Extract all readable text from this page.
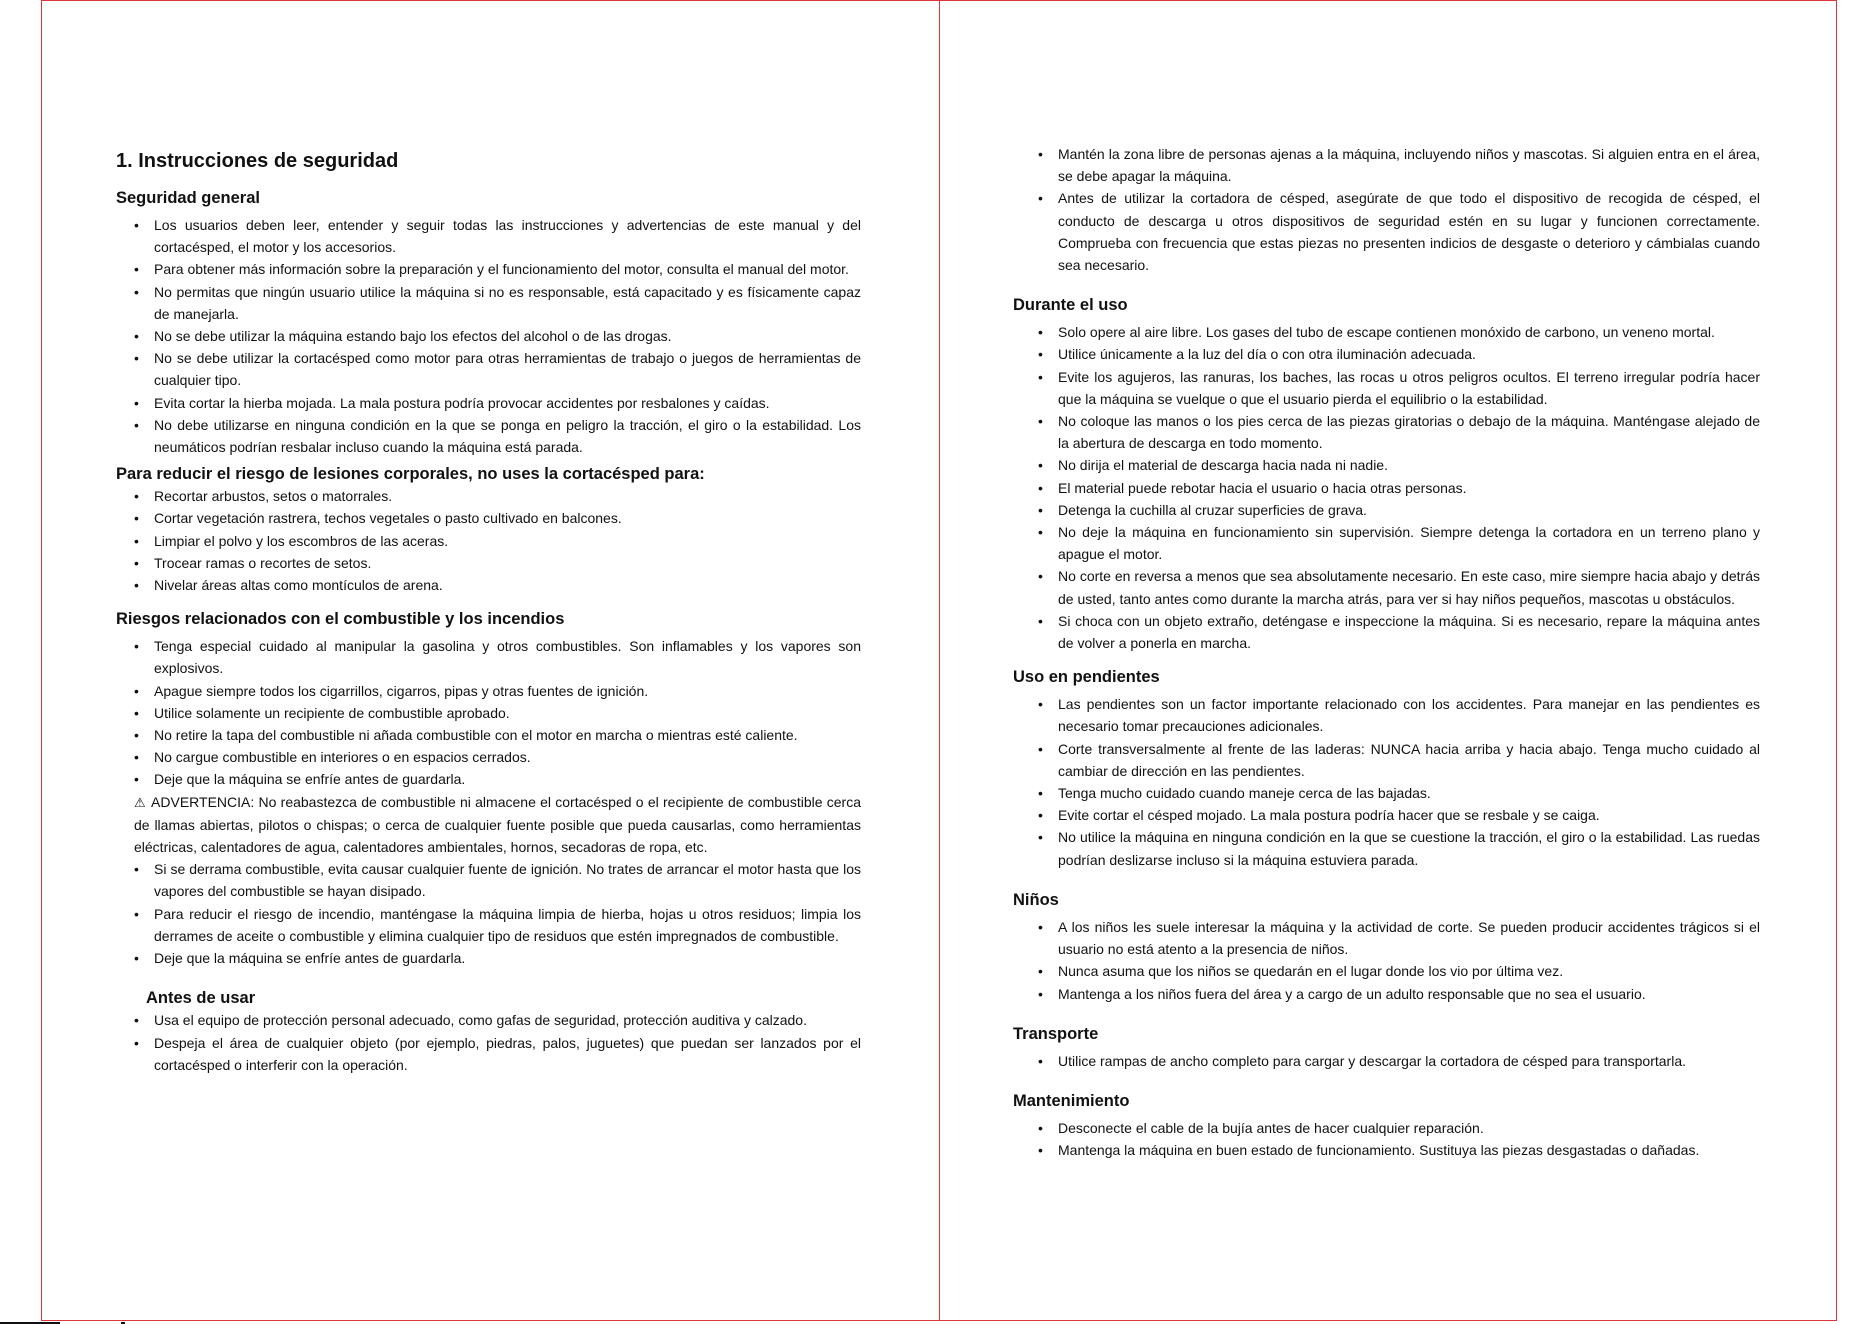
1. Instrucciones de seguridad
Seguridad general
• Los usuarios deben leer, entender y seguir todas las instrucciones y advertencias de este manual y del cortacésped, el motor y los accesorios.
• Para obtener más información sobre la preparación y el funcionamiento del motor, consulta el manual del motor.
• No permitas que ningún usuario utilice la máquina si no es responsable, está capacitado y es físicamente capaz de manejarla.
• No se debe utilizar la máquina estando bajo los efectos del alcohol o de las drogas.
• No se debe utilizar la cortacésped como motor para otras herramientas de trabajo o juegos de herramientas de cualquier tipo.
• Evita cortar la hierba mojada. La mala postura podría provocar accidentes por resbalones y caídas.
• No debe utilizarse en ninguna condición en la que se ponga en peligro la tracción, el giro o la estabilidad. Los neumáticos podrían resbalar incluso cuando la máquina está parada.
Para reducir el riesgo de lesiones corporales, no uses la cortacésped para:
• Recortar arbustos, setos o matorrales.
• Cortar vegetación rastrera, techos vegetales o pasto cultivado en balcones.
• Limpiar el polvo y los escombros de las aceras.
• Trocear ramas o recortes de setos.
• Nivelar áreas altas como montículos de arena.
Riesgos relacionados con el combustible y los incendios
• Tenga especial cuidado al manipular la gasolina y otros combustibles. Son inflamables y los vapores son explosivos.
• Apague siempre todos los cigarrillos, cigarros, pipas y otras fuentes de ignición.
• Utilice solamente un recipiente de combustible aprobado.
• No retire la tapa del combustible ni añada combustible con el motor en marcha o mientras esté caliente.
• No cargue combustible en interiores o en espacios cerrados.
• Deje que la máquina se enfríe antes de guardarla.
⚠ ADVERTENCIA: No reabastezca de combustible ni almacene el cortacésped o el recipiente de combustible cerca de llamas abiertas, pilotos o chispas; o cerca de cualquier fuente posible que pueda causarlas, como herramientas eléctricas, calentadores de agua, calentadores ambientales, hornos, secadoras de ropa, etc.
• Si se derrama combustible, evita causar cualquier fuente de ignición. No trates de arrancar el motor hasta que los vapores del combustible se hayan disipado.
• Para reducir el riesgo de incendio, manténgase la máquina limpia de hierba, hojas u otros residuos; limpia los derrames de aceite o combustible y elimina cualquier tipo de residuos que estén impregnados de combustible.
• Deje que la máquina se enfríe antes de guardarla.
Antes de usar
• Usa el equipo de protección personal adecuado, como gafas de seguridad, protección auditiva y calzado.
• Despeja el área de cualquier objeto (por ejemplo, piedras, palos, juguetes) que puedan ser lanzados por el cortacésped o interferir con la operación.
• Mantén la zona libre de personas ajenas a la máquina, incluyendo niños y mascotas. Si alguien entra en el área, se debe apagar la máquina.
• Antes de utilizar la cortadora de césped, asegúrate de que todo el dispositivo de recogida de césped, el conducto de descarga u otros dispositivos de seguridad estén en su lugar y funcionen correctamente. Comprueba con frecuencia que estas piezas no presenten indicios de desgaste o deterioro y cámbialas cuando sea necesario.
Durante el uso
• Solo opere al aire libre. Los gases del tubo de escape contienen monóxido de carbono, un veneno mortal.
• Utilice únicamente a la luz del día o con otra iluminación adecuada.
• Evite los agujeros, las ranuras, los baches, las rocas u otros peligros ocultos. El terreno irregular podría hacer que la máquina se vuelque o que el usuario pierda el equilibrio o la estabilidad.
• No coloque las manos o los pies cerca de las piezas giratorias o debajo de la máquina. Manténgase alejado de la abertura de descarga en todo momento.
• No dirija el material de descarga hacia nada ni nadie.
• El material puede rebotar hacia el usuario o hacia otras personas.
• Detenga la cuchilla al cruzar superficies de grava.
• No deje la máquina en funcionamiento sin supervisión. Siempre detenga la cortadora en un terreno plano y apague el motor.
• No corte en reversa a menos que sea absolutamente necesario. En este caso, mire siempre hacia abajo y detrás de usted, tanto antes como durante la marcha atrás, para ver si hay niños pequeños, mascotas u obstáculos.
• Si choca con un objeto extraño, deténgase e inspeccione la máquina. Si es necesario, repare la máquina antes de volver a ponerla en marcha.
Uso en pendientes
• Las pendientes son un factor importante relacionado con los accidentes. Para manejar en las pendientes es necesario tomar precauciones adicionales.
• Corte transversalmente al frente de las laderas: NUNCA hacia arriba y hacia abajo. Tenga mucho cuidado al cambiar de dirección en las pendientes.
• Tenga mucho cuidado cuando maneje cerca de las bajadas.
• Evite cortar el césped mojado. La mala postura podría hacer que se resbale y se caiga.
• No utilice la máquina en ninguna condición en la que se cuestione la tracción, el giro o la estabilidad. Las ruedas podrían deslizarse incluso si la máquina estuviera parada.
Niños
• A los niños les suele interesar la máquina y la actividad de corte. Se pueden producir accidentes trágicos si el usuario no está atento a la presencia de niños.
• Nunca asuma que los niños se quedarán en el lugar donde los vio por última vez.
• Mantenga a los niños fuera del área y a cargo de un adulto responsable que no sea el usuario.
Transporte
• Utilice rampas de ancho completo para cargar y descargar la cortadora de césped para transportarla.
Mantenimiento
• Desconecte el cable de la bujía antes de hacer cualquier reparación.
• Mantenga la máquina en buen estado de funcionamiento. Sustituya las piezas desgastadas o dañadas.
